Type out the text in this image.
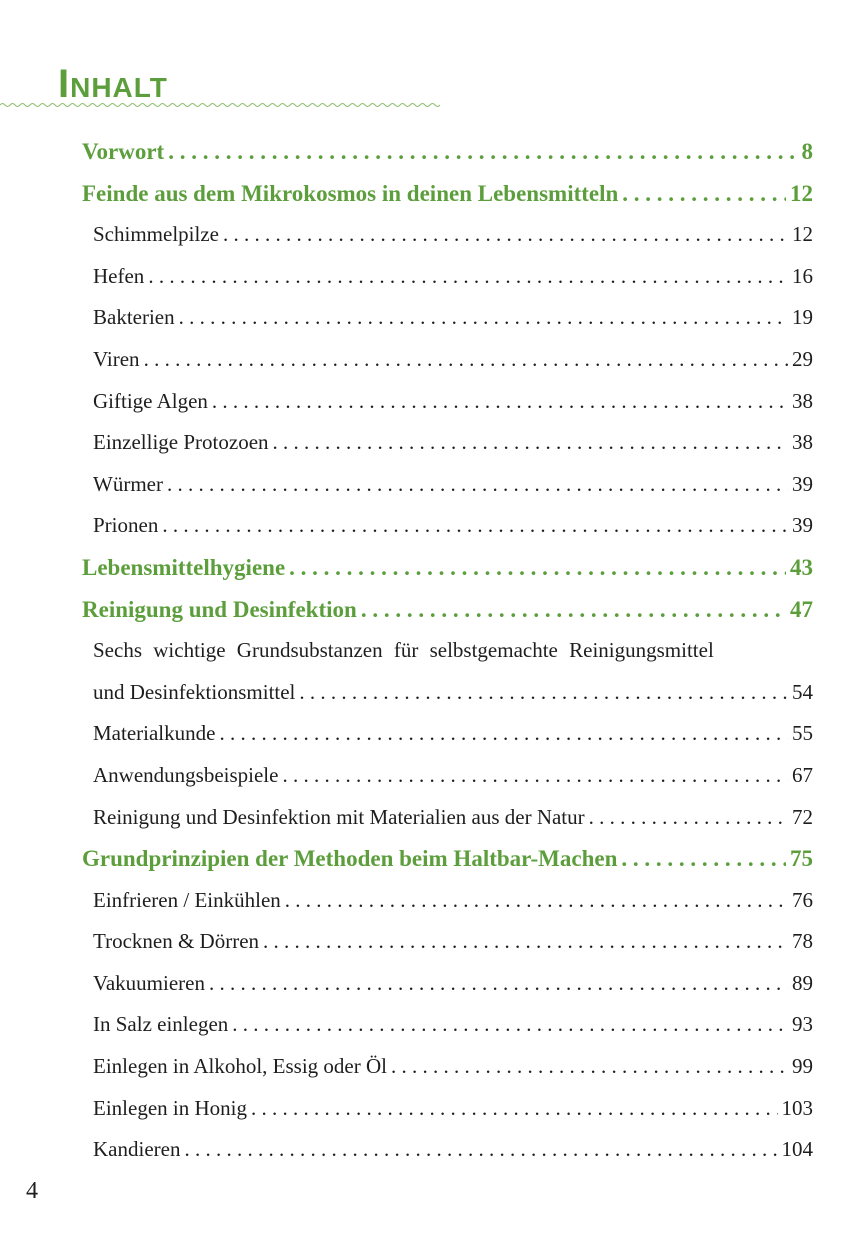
Inhalt
Vorwort . . .	8
Feinde aus dem Mikrokosmos in deinen Lebensmitteln . . .	12
Schimmelpilze . . .	12
Hefen . . .	16
Bakterien . . .	19
Viren . . .	29
Giftige Algen . . .	38
Einzellige Protozoen . . .	38
Würmer . . .	39
Prionen . . .	39
Lebensmittelhygiene . . .	43
Reinigung und Desinfektion . . .	47
Sechs wichtige Grundsubstanzen für selbstgemachte Reinigungsmittel
und Desinfektionsmittel . . .	54
Materialkunde . . .	55
Anwendungsbeispiele . . .	67
Reinigung und Desinfektion mit Materialien aus der Natur . . .	72
Grundprinzipien der Methoden beim Haltbar-Machen . . .	75
Einfrieren / Einkühlen . . .	76
Trocknen & Dörren . . .	78
Vakuumieren . . .	89
In Salz einlegen . . .	93
Einlegen in Alkohol, Essig oder Öl . . .	99
Einlegen in Honig . . .	103
Kandieren . . .	104
4
